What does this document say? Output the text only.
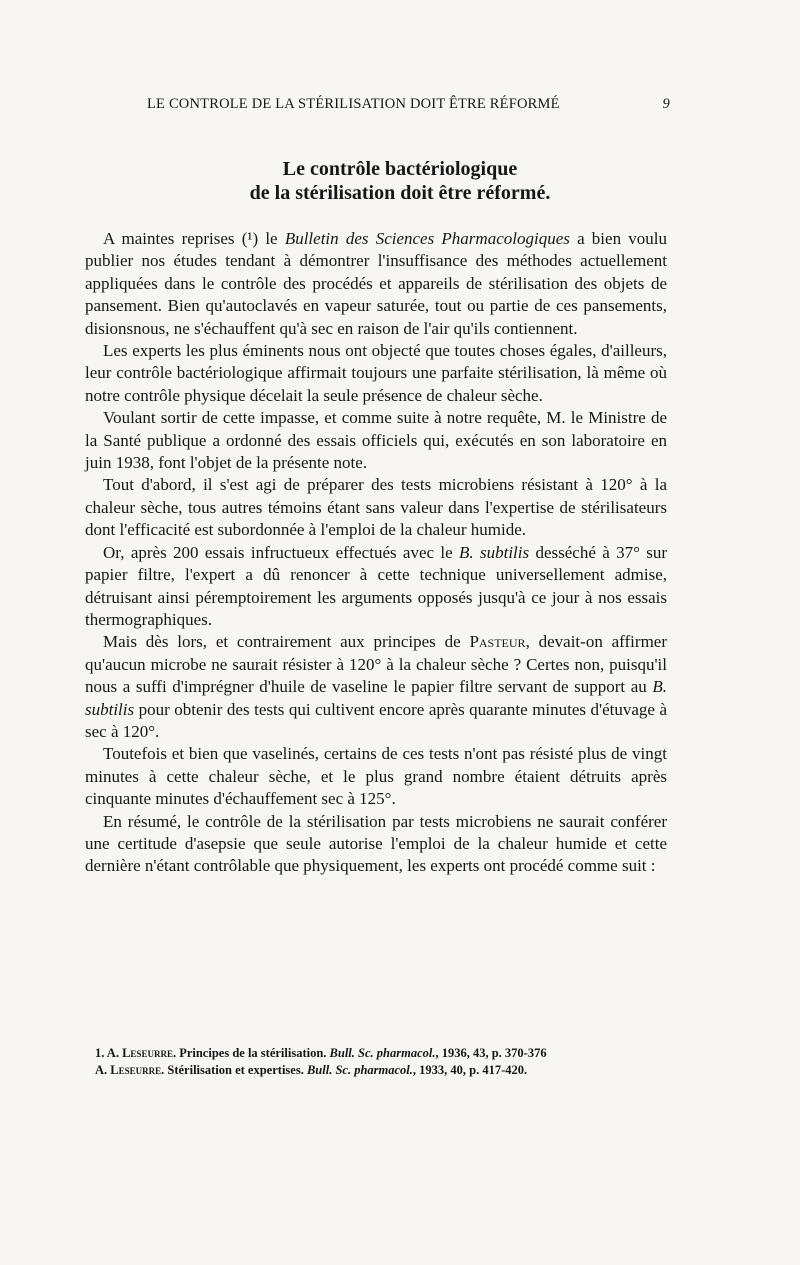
LE CONTROLE DE LA STÉRILISATION DOIT ÊTRE RÉFORMÉ	9
Le contrôle bactériologique
de la stérilisation doit être réformé.

A maintes reprises (¹) le Bulletin des Sciences Pharmacologiques a bien voulu publier nos études tendant à démontrer l'insuffisance des méthodes actuellement appliquées dans le contrôle des procédés et appareils de stérilisation des objets de pansement. Bien qu'autoclavés en vapeur saturée, tout ou partie de ces pansements, disionsnous, ne s'échauffent qu'à sec en raison de l'air qu'ils contiennent.

Les experts les plus éminents nous ont objecté que toutes choses égales, d'ailleurs, leur contrôle bactériologique affirmait toujours une parfaite stérilisation, là même où notre contrôle physique décelait la seule présence de chaleur sèche.

Voulant sortir de cette impasse, et comme suite à notre requête, M. le Ministre de la Santé publique a ordonné des essais officiels qui, exécutés en son laboratoire en juin 1938, font l'objet de la présente note.

Tout d'abord, il s'est agi de préparer des tests microbiens résistant à 120° à la chaleur sèche, tous autres témoins étant sans valeur dans l'expertise de stérilisateurs dont l'efficacité est subordonnée à l'emploi de la chaleur humide.

Or, après 200 essais infructueux effectués avec le B. subtilis desséché à 37° sur papier filtre, l'expert a dû renoncer à cette technique universellement admise, détruisant ainsi péremptoirement les arguments opposés jusqu'à ce jour à nos essais thermographiques.

Mais dès lors, et contrairement aux principes de Pasteur, devait-on affirmer qu'aucun microbe ne saurait résister à 120° à la chaleur sèche ? Certes non, puisqu'il nous a suffi d'imprégner d'huile de vaseline le papier filtre servant de support au B. subtilis pour obtenir des tests qui cultivent encore après quarante minutes d'étuvage à sec à 120°.

Toutefois et bien que vaselinés, certains de ces tests n'ont pas résisté plus de vingt minutes à cette chaleur sèche, et le plus grand nombre étaient détruits après cinquante minutes d'échauffement sec à 125°.

En résumé, le contrôle de la stérilisation par tests microbiens ne saurait conférer une certitude d'asepsie que seule autorise l'emploi de la chaleur humide et cette dernière n'étant contrôlable que physiquement, les experts ont procédé comme suit :

1. A. Leseurre. Principes de la stérilisation. Bull. Sc. pharmacol., 1936, 43, p. 370-376

A. Leseurre. Stérilisation et expertises. Bull. Sc. pharmacol., 1933, 40, p. 417-420.
